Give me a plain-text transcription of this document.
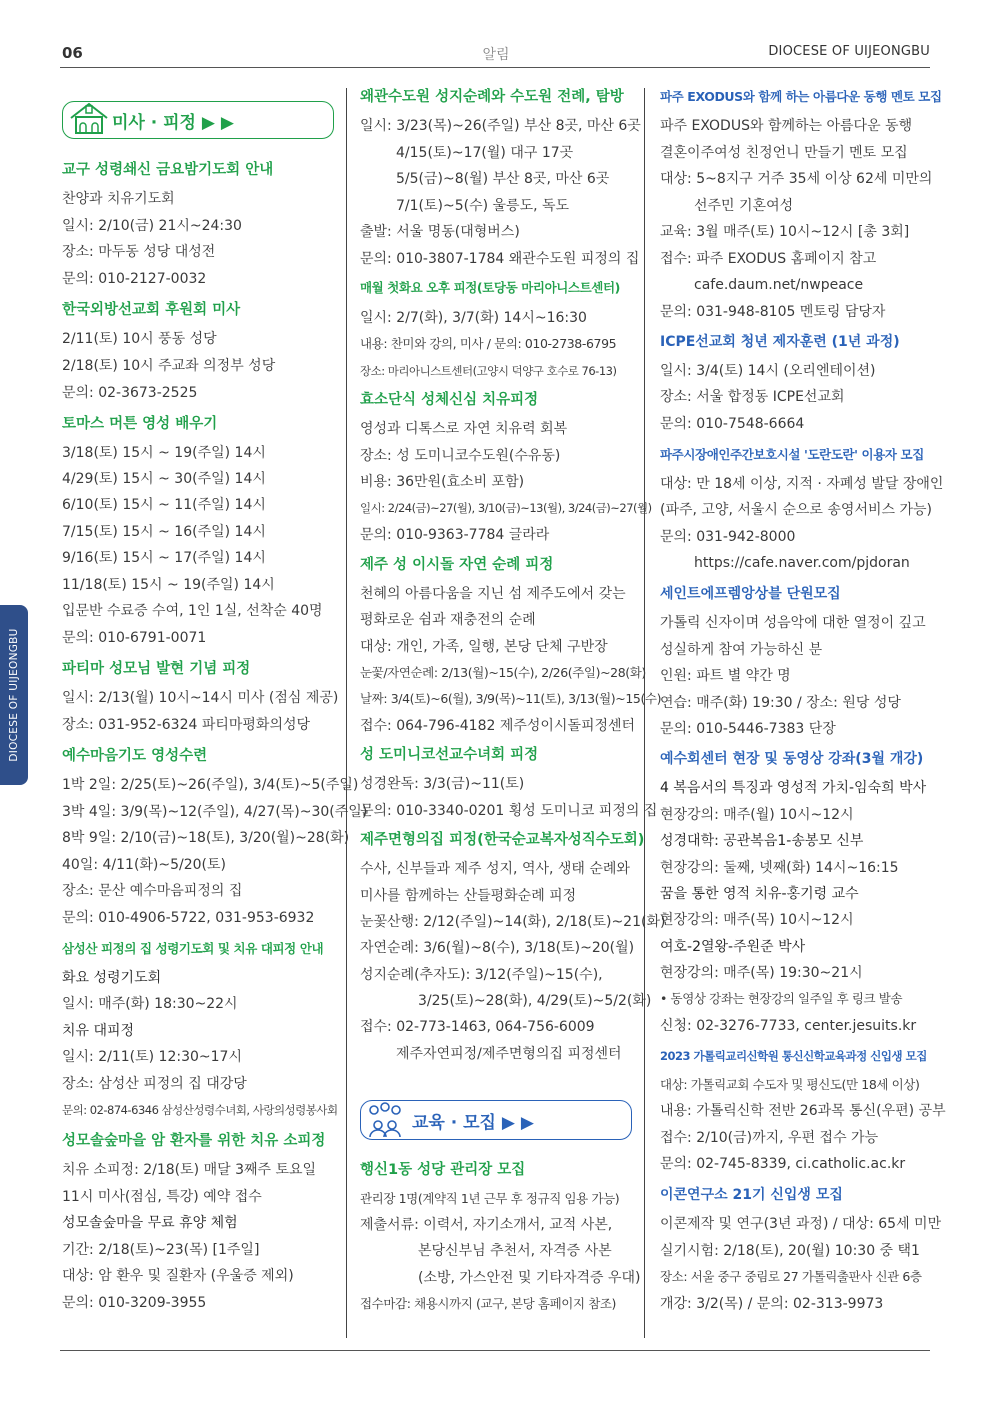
06	알림	DIOCESE OF UIJEONGBU
DIOCESE OF UIJEONGBU
미사 · 피정 ▶ ▶
교구 성령쇄신 금요밤기도회 안내
찬양과 치유기도회
일시: 2/10(금) 21시~24:30
장소: 마두동 성당 대성전
문의: 010-2127-0032
한국외방선교회 후원회 미사
2/11(토) 10시 풍동 성당
2/18(토) 10시 주교좌 의정부 성당
문의: 02-3673-2525
토마스 머튼 영성 배우기
3/18(토) 15시 ~ 19(주일) 14시
4/29(토) 15시 ~ 30(주일) 14시
6/10(토) 15시 ~ 11(주일) 14시
7/15(토) 15시 ~ 16(주일) 14시
9/16(토) 15시 ~ 17(주일) 14시
11/18(토) 15시 ~ 19(주일) 14시
입문반 수료증 수여, 1인 1실, 선착순 40명
문의: 010-6791-0071
파티마 성모님 발현 기념 피정
일시: 2/13(월) 10시~14시 미사 (점심 제공)
장소: 031-952-6324 파티마평화의성당
예수마음기도 영성수련
1박 2일: 2/25(토)~26(주일), 3/4(토)~5(주일)
3박 4일: 3/9(목)~12(주일), 4/27(목)~30(주일)
8박 9일: 2/10(금)~18(토), 3/20(월)~28(화)
40일: 4/11(화)~5/20(토)
장소: 문산 예수마음피정의 집
문의: 010-4906-5722, 031-953-6932
삼성산 피정의 집 성령기도회 및 치유 대피정 안내
화요 성령기도회
일시: 매주(화) 18:30~22시
치유 대피정
일시: 2/11(토) 12:30~17시
장소: 삼성산 피정의 집 대강당
문의: 02-874-6346 삼성산성령수녀회, 사랑의성령봉사회
성모솔숲마을 암 환자를 위한 치유 소피정
치유 소피정: 2/18(토) 매달 3째주 토요일
11시 미사(점심, 특강) 예약 접수
성모솔숲마을 무료 휴양 체험
기간: 2/18(토)~23(목) [1주일]
대상: 암 환우 및 질환자 (우울증 제외)
문의: 010-3209-3955
교육 · 모집 ▶ ▶
왜관수도원 성지순례와 수도원 전례, 탐방
일시: 3/23(목)~26(주일) 부산 8곳, 마산 6곳
4/15(토)~17(월) 대구 17곳
5/5(금)~8(월) 부산 8곳, 마산 6곳
7/1(토)~5(수) 울릉도, 독도
출발: 서울 명동(대형버스)
문의: 010-3807-1784 왜관수도원 피정의 집
매월 첫화요 오후 피정(토당동 마리아니스트센터)
일시: 2/7(화), 3/7(화) 14시~16:30
내용: 찬미와 강의, 미사 / 문의: 010-2738-6795
장소: 마리아니스트센터(고양시 덕양구 호수로 76-13)
효소단식 성체신심 치유피정
영성과 디톡스로 자연 치유력 회복
장소: 성 도미니코수도원(수유동)
비용: 36만원(효소비 포함)
일시: 2/24(금)~27(월), 3/10(금)~13(월), 3/24(금)~27(월)
문의: 010-9363-7784 글라라
제주 성 이시돌 자연 순례 피정
천혜의 아름다움을 지닌 섬 제주도에서 갖는
평화로운 쉼과 재충전의 순례
대상: 개인, 가족, 일행, 본당 단체 구반장
눈꽃/자연순례: 2/13(월)~15(수), 2/26(주일)~28(화)
날짜: 3/4(토)~6(월), 3/9(목)~11(토), 3/13(월)~15(수)
접수: 064-796-4182 제주성이시돌피정센터
성 도미니코선교수녀회 피정
성경완독: 3/3(금)~11(토)
문의: 010-3340-0201 횡성 도미니코 피정의 집
제주면형의집 피정(한국순교복자성직수도회)
수사, 신부들과 제주 성지, 역사, 생태 순례와
미사를 함께하는 산들평화순례 피정
눈꽃산행: 2/12(주일)~14(화), 2/18(토)~21(화)
자연순례: 3/6(월)~8(수), 3/18(토)~20(월)
성지순례(추자도): 3/12(주일)~15(수),
3/25(토)~28(화), 4/29(토)~5/2(화)
접수: 02-773-1463, 064-756-6009
제주자연피정/제주면형의집 피정센터
행신1동 성당 관리장 모집
관리장 1명(계약직 1년 근무 후 정규직 임용 가능)
제출서류: 이력서, 자기소개서, 교적 사본,
본당신부님 추천서, 자격증 사본
(소방, 가스안전 및 기타자격증 우대)
접수마감: 채용시까지 (교구, 본당 홈페이지 참조)
파주 EXODUS와 함께 하는 아름다운 동행 멘토 모집
파주 EXODUS와 함께하는 아름다운 동행
결혼이주여성 친정언니 만들기 멘토 모집
대상: 5~8지구 거주 35세 이상 62세 미만의
선주민 기혼여성
교육: 3월 매주(토) 10시~12시 [총 3회]
접수: 파주 EXODUS 홈페이지 참고
cafe.daum.net/nwpeace
문의: 031-948-8105 멘토링 담당자
ICPE선교회 청년 제자훈련 (1년 과정)
일시: 3/4(토) 14시 (오리엔테이션)
장소: 서울 합정동 ICPE선교회
문의: 010-7548-6664
파주시장애인주간보호시설 '도란도란' 이용자 모집
대상: 만 18세 이상, 지적 · 자폐성 발달 장애인
(파주, 고양, 서울시 순으로 송영서비스 가능)
문의: 031-942-8000
https://cafe.naver.com/pjdoran
세인트에프렘앙상블 단원모집
가톨릭 신자이며 성음악에 대한 열정이 깊고
성실하게 참여 가능하신 분
인원: 파트 별 약간 명
연습: 매주(화) 19:30 / 장소: 원당 성당
문의: 010-5446-7383 단장
예수회센터 현장 및 동영상 강좌(3월 개강)
4 복음서의 특징과 영성적 가치-임숙희 박사
현장강의: 매주(월) 10시~12시
성경대학: 공관복음1-송봉모 신부
현장강의: 둘째, 넷째(화) 14시~16:15
꿈을 통한 영적 치유-홍기령 교수
현장강의: 매주(목) 10시~12시
여호-2열왕-주원준 박사
현장강의: 매주(목) 19:30~21시
• 동영상 강좌는 현장강의 일주일 후 링크 발송
신청: 02-3276-7733, center.jesuits.kr
2023 가톨릭교리신학원 통신신학교육과정 신입생 모집
대상: 가톨릭교회 수도자 및 평신도(만 18세 이상)
내용: 가톨릭신학 전반 26과목 통신(우편) 공부
접수: 2/10(금)까지, 우편 접수 가능
문의: 02-745-8339, ci.catholic.ac.kr
이콘연구소 21기 신입생 모집
이콘제작 및 연구(3년 과정) / 대상: 65세 미만
실기시험: 2/18(토), 20(월) 10:30 중 택1
장소: 서울 중구 중림로 27 가톨릭출판사 신관 6층
개강: 3/2(목) / 문의: 02-313-9973
